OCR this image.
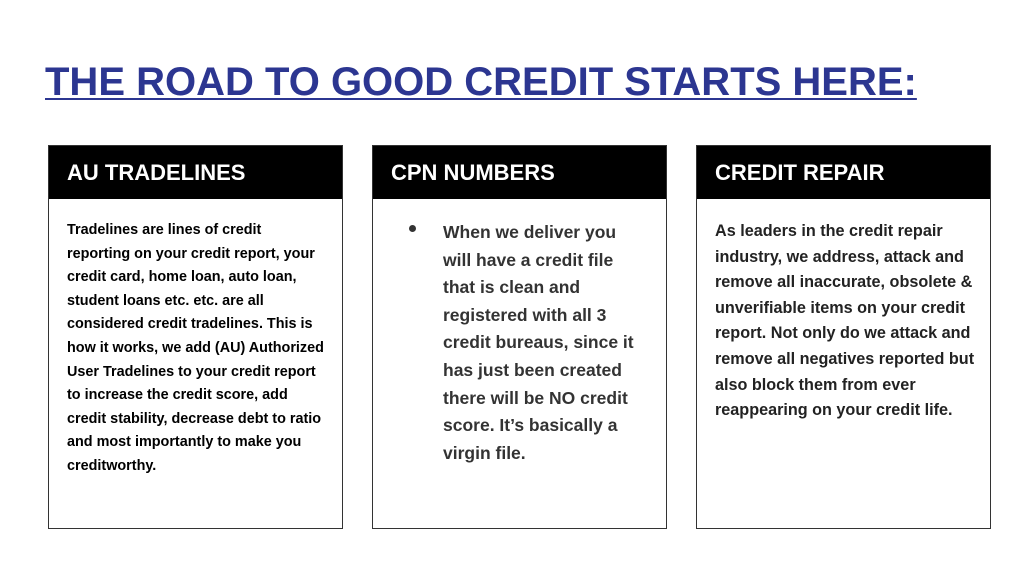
THE ROAD TO GOOD CREDIT STARTS HERE:
AU TRADELINES
Tradelines are lines of credit reporting on your credit report, your credit card, home loan, auto loan, student loans etc. etc. are all considered credit tradelines. This is how it works, we add (AU) Authorized User Tradelines to your credit report to increase the credit score, add credit stability, decrease debt to ratio and most importantly to make you creditworthy.
CPN NUMBERS
When we deliver you will have a credit file that is clean and registered with all 3 credit bureaus, since it has just been created there will be NO credit score. It’s basically a virgin file.
CREDIT REPAIR
As leaders in the credit repair industry, we address, attack and remove all inaccurate, obsolete & unverifiable items on your credit report. Not only do we attack and remove all negatives reported but also block them from ever reappearing on your credit life.
